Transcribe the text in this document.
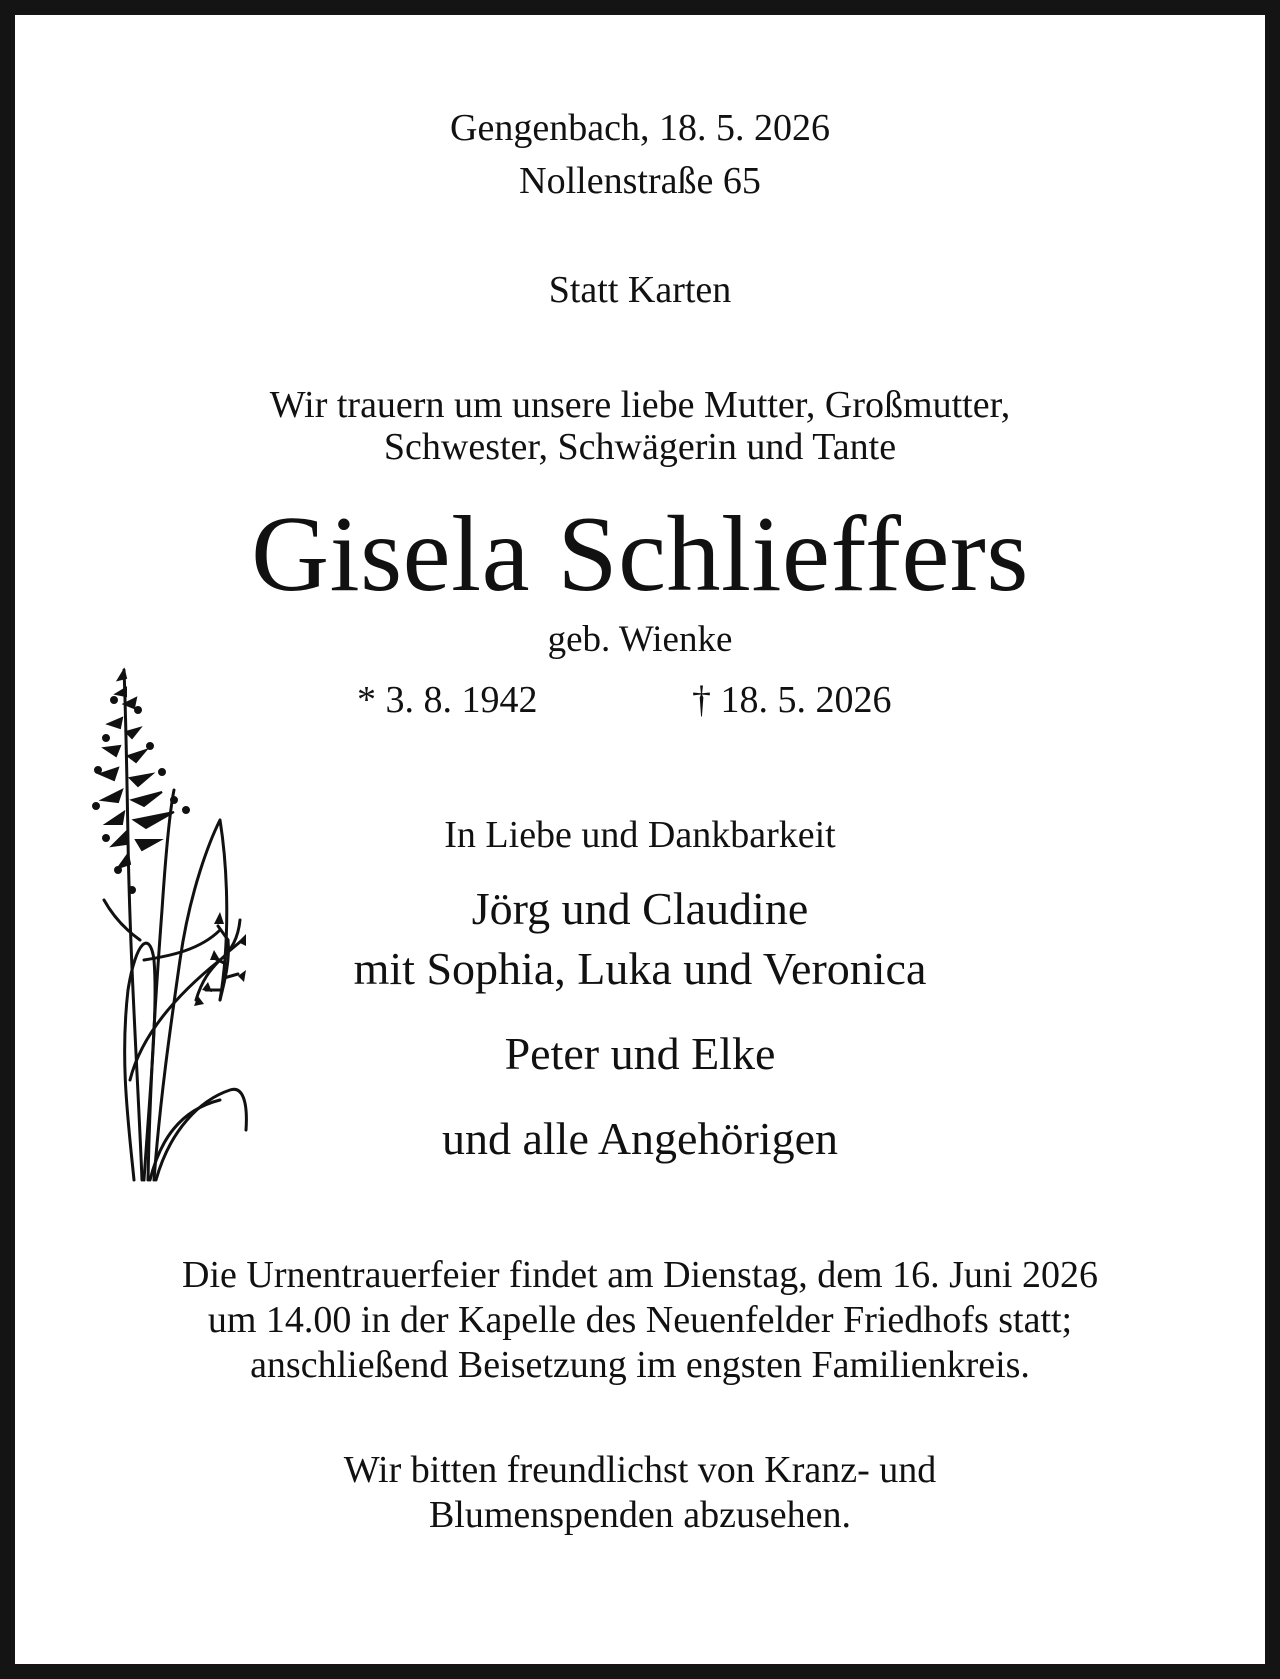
Gengenbach, 18. 5. 2026

Nollenstraße 65

Statt Karten

Wir trauern um unsere liebe Mutter, Großmutter,

Schwester, Schwägerin und Tante

Gisela Schlieffers

geb. Wienke

* 3. 8. 1942	† 18. 5. 2026

In Liebe und Dankbarkeit

Jörg und Claudine

mit Sophia, Luka und Veronica

Peter und Elke

und alle Angehörigen

Die Urnentrauerfeier findet am Dienstag, dem 16. Juni 2026

um 14.00 in der Kapelle des Neuenfelder Friedhofs statt;

anschließend Beisetzung im engsten Familienkreis.

Wir bitten freundlichst von Kranz- und

Blumenspenden abzusehen.
